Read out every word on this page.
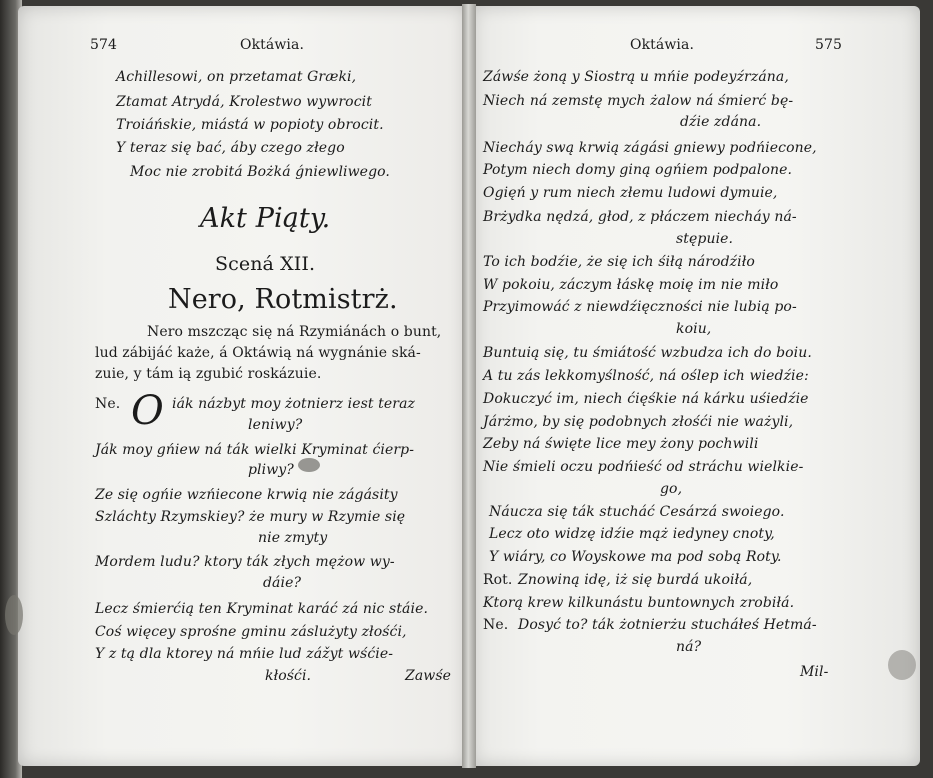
574	Oktáwia.
Achillesowi, on przetamat Græki,
Ztamat Atrydá, Krolestwo wywrocit
Troiáńskie, miástá w popioty obrocit.
Y teraz się bać, áby czego złego
Moc nie zrobitá Bożká ǵniewliwego.
Akt Piąty.
Scená XII.
Nero, Rotmistrż.
Nero mszcząc się ná Rzymiánách o bunt,
lud zábijáć każe, á Oktáwią ná wygnánie ská-
zuie, y tám ią zgubić roskázuie.
Ne. O iák názbyt moy żotnierz iest teraz
leniwy?
Ják moy gńiew ná ták wielki Kryminat ćierp-
pliwy?
Ze się ogńie wzńiecone krwią nie zágásity
Szláchty Rzymskiey? że mury w Rzymie się
nie zmyty
Mordem ludu? ktory ták złych mężow wy-
dáie?
Lecz śmierćią ten Kryminat karáć zá nic stáie.
Coś więcey sprośne gminu záslużyty złośći,
Y z tą dla ktorey ná mńie lud zážyt wśćie-
kłośći.	Zawśe
Oktáwia.	575
Záwśe żoną y Siostrą u mńie podeyźrzána,
Niech ná zemstę mych żalow ná śmierć bę-
dźie zdána.
Niecháy swą krwią zágási gniewy podńiecone,
Potym niech domy giną ogńiem podpalone.
Ogięń y rum niech złemu ludowi dymuie,
Brżydka nędzá, głod, z płáczem niecháy ná-
stępuie.
To ich bodźie, że się ich śiłą národźiło
W pokoiu, záczym łáskę moię im nie miło
Przyimowáć z niewdźięczności nie lubią po-
koiu,
Buntuią się, tu śmiátość wzbudza ich do boiu.
A tu zás lekkomyślność, ná oślep ich wiedźie:
Dokuczyć im, niech ćięśkie ná kárku uśiedźie
Járżmo, by się podobnych złośći nie ważyli,
Zeby ná święte lice mey żony pochwili
Nie śmieli oczu podńieść od stráchu wielkie-
go,
Náucza się ták stucháć Cesárzá swoiego.
Lecz oto widzę idźie mąż iedyney cnoty,
Y wiáry, co Woyskowe ma pod sobą Roty.
Rot. Znowiną idę, iż się burdá ukoiłá,
Ktorą krew kilkunástu buntownych zrobiłá.
Ne. Dosyć to? ták żotnierżu stucháłeś Hetmá-
ná?
Mil-
